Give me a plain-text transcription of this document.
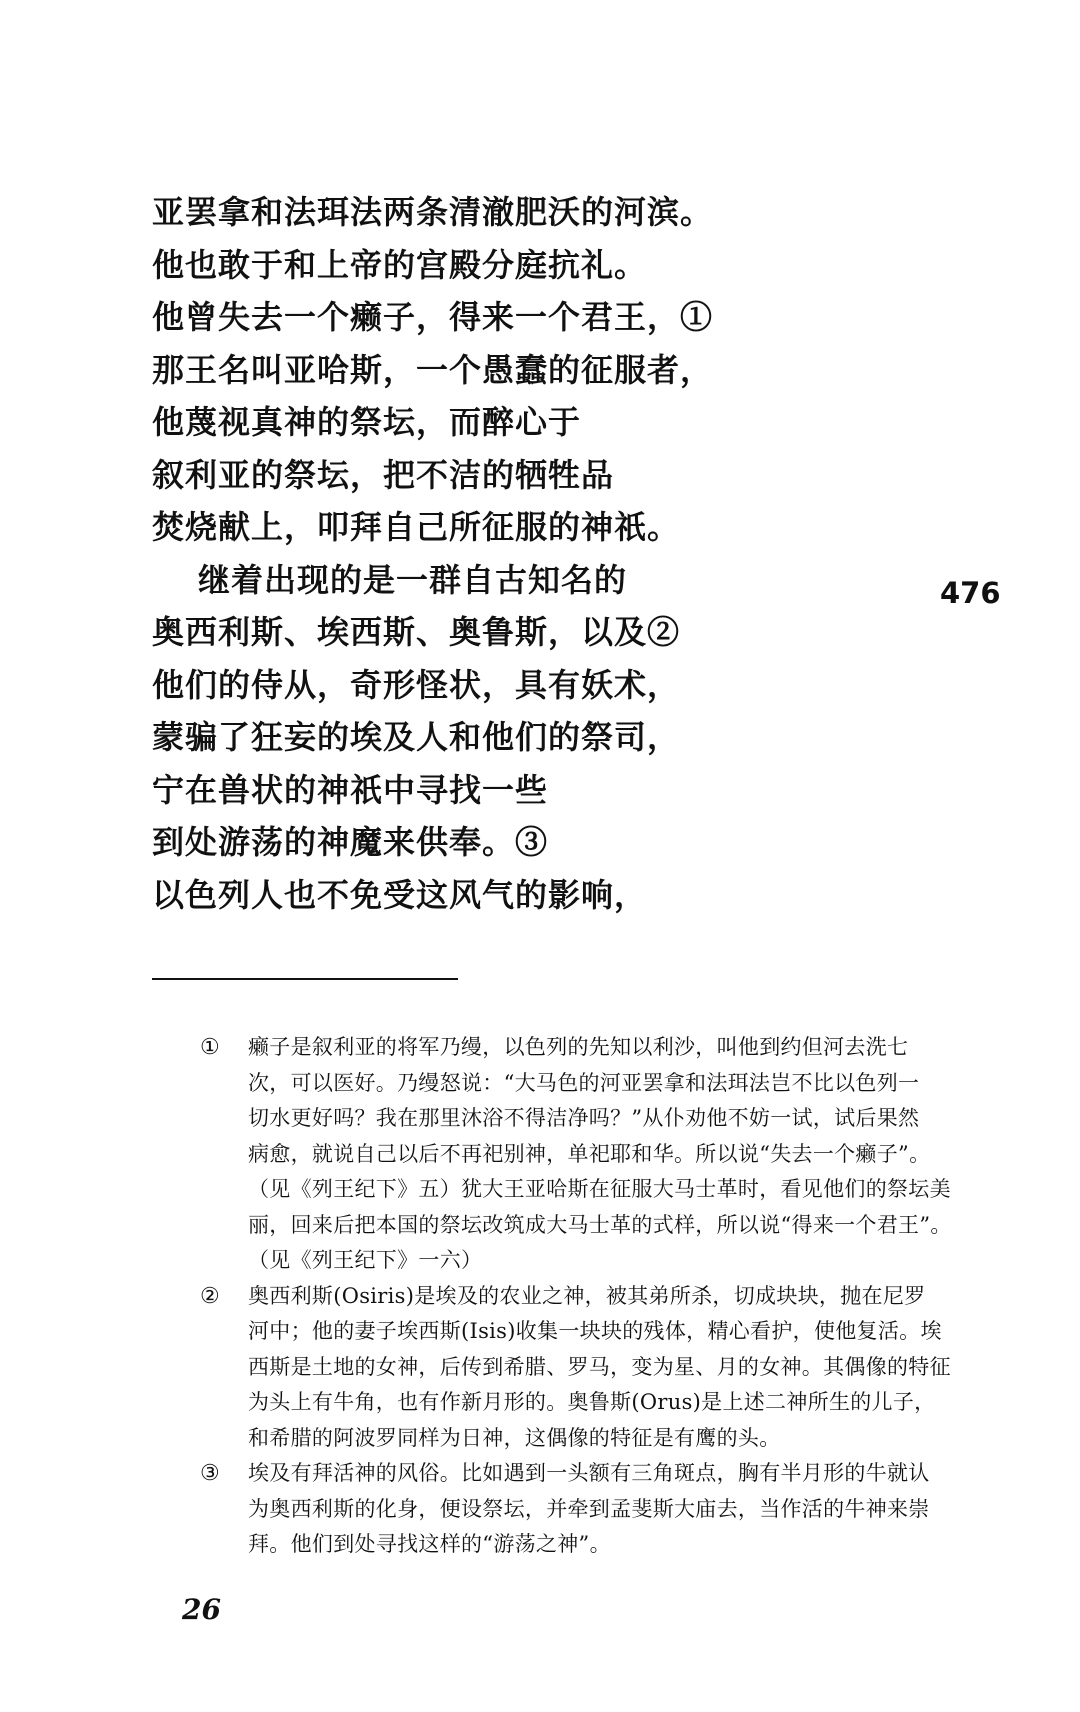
亚罢拿和法珥法两条清澈肥沃的河滨。
他也敢于和上帝的宫殿分庭抗礼。
他曾失去一个癞子，得来一个君王，①
那王名叫亚哈斯，一个愚蠢的征服者，
他蔑视真神的祭坛，而醉心于
叙利亚的祭坛，把不洁的牺牲品
焚烧献上，叩拜自己所征服的神祇。
继着出现的是一群自古知名的
奥西利斯、埃西斯、奥鲁斯，以及②
他们的侍从，奇形怪状，具有妖术，
蒙骗了狂妄的埃及人和他们的祭司，
宁在兽状的神祇中寻找一些
到处游荡的神魔来供奉。③
以色列人也不免受这风气的影响，
476
① 癞子是叙利亚的将军乃缦，以色列的先知以利沙，叫他到约但河去洗七
次，可以医好。乃缦怒说：“大马色的河亚罢拿和法珥法岂不比以色列一
切水更好吗？我在那里沐浴不得洁净吗？”从仆劝他不妨一试，试后果然
病愈，就说自己以后不再祀别神，单祀耶和华。所以说“失去一个癞子”。
（见《列王纪下》五）犹大王亚哈斯在征服大马士革时，看见他们的祭坛美
丽，回来后把本国的祭坛改筑成大马士革的式样，所以说“得来一个君王”。
（见《列王纪下》一六）
② 奥西利斯(Osiris)是埃及的农业之神，被其弟所杀，切成块块，抛在尼罗
河中；他的妻子埃西斯(Isis)收集一块块的残体，精心看护，使他复活。埃
西斯是土地的女神，后传到希腊、罗马，变为星、月的女神。其偶像的特征
为头上有牛角，也有作新月形的。奥鲁斯(Orus)是上述二神所生的儿子，
和希腊的阿波罗同样为日神，这偶像的特征是有鹰的头。
③ 埃及有拜活神的风俗。比如遇到一头额有三角斑点，胸有半月形的牛就认
为奥西利斯的化身，便设祭坛，并牵到孟斐斯大庙去，当作活的牛神来崇
拜。他们到处寻找这样的“游荡之神”。
26
